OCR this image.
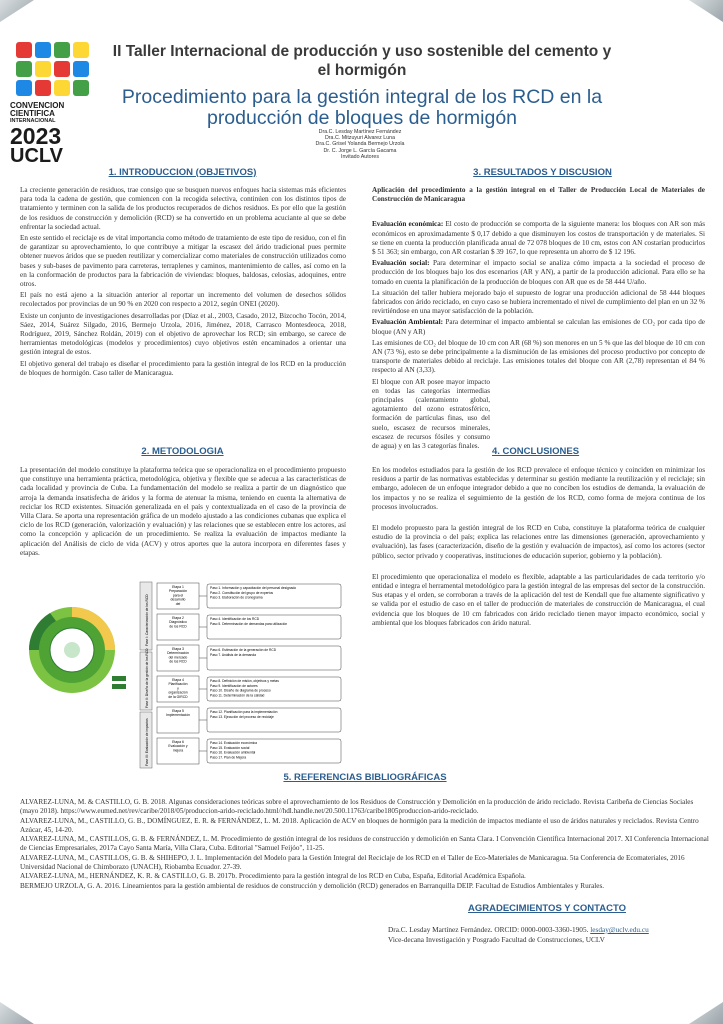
CONVENCION
CIENTIFICA
INTERNACIONAL
2023
UCLV
II Taller Internacional de producción y uso sostenible del cemento y el hormigón
Procedimiento para la gestión integral de los RCD en la producción de bloques de hormigón
Dra.C. Lesday Martínez Fernández
Dra.C. Mitzuyuri Alvarez Luna
Dra.C. Grisel Yolanda Bermejo Urzola
Dr. C. Jorge L. García Gacama
Invitado Autores
1. INTRODUCCION (OBJETIVOS)

La creciente generación de residuos, trae consigo que se busquen nuevos enfoques hacia sistemas más eficientes para toda la cadena de gestión, que comiencen con la recogida selectiva, continúen con los distintos tipos de tratamiento y terminen con la salida de los productos recuperados de dichos residuos. Es por ello que la gestión de los residuos de construcción y demolición (RCD) se ha convertido en un problema acuciante al que se debe enfrentar la sociedad actual.

En este sentido el reciclaje es de vital importancia como método de tratamiento de este tipo de residuo, con el fin de garantizar su aprovechamiento, lo que contribuye a mitigar la escasez del árido tradicional pues permite obtener nuevos áridos que se pueden reutilizar y comercializar como materiales de construcción utilizados como bases y sub-bases de pavimento para carreteras, terraplenes y caminos, mantenimiento de calles, así como en la en la conformación de productos para la fabricación de viviendas: bloques, baldosas, celosías, adoquines, entre otros.

El país no está ajeno a la situación anterior al reportar un incremento del volumen de desechos sólidos recolectados por provincias de un 90 % en 2020 con respecto a 2012, según ONEI (2020).

Existe un conjunto de investigaciones desarrolladas por (Díaz et al., 2003, Casado, 2012, Bizcocho Tocón, 2014, Sáez, 2014, Suárez Silgado, 2016, Bermejo Urzola, 2016, Jiménez, 2018, Carrasco Montesdeoca, 2018, Rodríguez, 2019, Sánchez Roldán, 2019) con el objetivo de aprovechar los RCD; sin embargo, se carece de herramientas metodológicas (modelos y procedimientos) cuyo objetivos estén encaminados a orientar una gestión integral de estos.

El objetivo general del trabajo es diseñar el procedimiento para la gestión integral de los RCD en la producción de bloques de hormigón. Caso taller de Manicaragua.

2. METODOLOGIA

La presentación del modelo constituye la plataforma teórica que se operacionaliza en el procedimiento propuesto que constituye una herramienta práctica, metodológica, objetiva y flexible que se adecua a las características de cada localidad y provincia de Cuba. La fundamentación del modelo se realiza a partir de un diagnóstico que arroja la demanda insatisfecha de áridos y la forma de atenuar la misma, teniendo en cuenta la alternativa de reciclar los RCD existentes. Situación generalizada en el país y contextualizada en el caso de la provincia de Villa Clara. Se aporta una representación gráfica de un modelo ajustado a las condiciones cubanas que explica el ciclo de los RCD (generación, valorización y evaluación) y las relaciones que se establecen entre los actores, así como la concepción y aplicación de un procedimiento. Se realiza la evaluación de impactos mediante la aplicación del Análisis de ciclo de vida (ACV) y otros aportes que la autora incorpora en diferentes fases y etapas.

Fase I: Caracterización de los RCD
Fase II: Diseño de la gestión de los RCD
Fase III: Evaluación de impactos
Etapa 1
Preparación
para el
desarrollo
del
Paso 1. Información y capacitación del personal designado
Paso 2. Constitución del grupo de expertos
Paso 3. Elaboración de cronograma
Etapa 2
Diagnóstico
de los RCD
Paso 4. Identificación de los RCD
Paso 5. Determinación de demandas para utilización
Etapa 3
Determinación
del mercado
de los RCD
Paso 6. Estimación de la generación de RCD
Paso 7. Análisis de la demanda
Etapa 4
Planificación
y
organización
de la GIRCD
Paso 8. Definición de misión, objetivos y metas
Paso 9. Identificación de actores
Paso 10. Diseño de diagrama de proceso
Paso 11. Determinación de la calidad
Etapa 5
Implementación
Paso 12. Planificación para la implementación
Paso 13. Ejecución del proceso de reciclaje
Etapa 6
Evaluación y
mejora
Paso 14. Evaluación económica
Paso 15. Evaluación social
Paso 16. Evaluación ambiental
Paso 17. Plan de Mejora
3. RESULTADOS Y DISCUSION

Aplicación del procedimiento a la gestión integral en el Taller de Producción Local de Materiales de Construcción de Manicaragua

Evaluación económica: El costo de producción se comporta de la siguiente manera: los bloques con AR son más económicos en aproximadamente $ 0,17 debido a que disminuyen los costos de transportación y de materiales. Si se tiene en cuenta la producción planificada anual de 72 078 bloques de 10 cm, estos con AN costarían producirlos $ 51 363; sin embargo, con AR costarían $ 39 167, lo que representa un ahorro de $ 12 196.

Evaluación social: Para determinar el impacto social se analiza cómo impacta a la sociedad el proceso de producción de los bloques bajo los dos escenarios (AR y AN), a partir de la producción adicional. Para ello se ha tomado en cuenta la planificación de la producción de bloques con AR que es de 58 444 U/año.

La situación del taller hubiera mejorado bajo el supuesto de lograr una producción adicional de 58 444 bloques fabricados con árido reciclado, en cuyo caso se hubiera incrementado el nivel de cumplimiento del plan en un 32 % revirtiéndose en una mayor satisfacción de la población.

Evaluación Ambiental: Para determinar el impacto ambiental se calculan las emisiones de CO₂ por cada tipo de bloque (AN y AR)

Las emisiones de CO₂ del bloque de 10 cm con AR (68 %) son menores en un 5 % que las del bloque de 10 cm con AN (73 %), esto se debe principalmente a la disminución de las emisiones del proceso productivo por concepto de transporte de materiales debido al reciclaje. Las emisiones totales del bloque con AR (2,78) representan el 84 % respecto al AN (3,33).

El bloque con AR posee mayor impacto en todas las categorías intermedias principales (calentamiento global, agotamiento del ozono estratosférico, formación de partículas finas, uso del suelo, escasez de recursos minerales, escasez de recursos fósiles y consumo de agua) y en las 3 categorías finales.	4. CONCLUSIONES

En los modelos estudiados para la gestión de los RCD prevalece el enfoque técnico y coinciden en minimizar los residuos a partir de las normativas establecidas y determinar su gestión mediante la reutilización y el reciclaje; sin embargo, adolecen de un enfoque integrador debido a que no conciben los estudios de demanda, la evaluación de los impactos y no se realiza el seguimiento de la gestión de los RCD, como forma de mejora continua de los procesos involucrados.

El modelo propuesto para la gestión integral de los RCD en Cuba, constituye la plataforma teórica de cualquier estudio de la provincia o del país; explica las relaciones entre las dimensiones (generación, aprovechamiento y evaluación), las fases (caracterización, diseño de la gestión y evaluación de impactos), así como los actores (sector público, sector privado y cooperativas, instituciones de educación superior, gobierno y la población).

El procedimiento que operacionaliza el modelo es flexible, adaptable a las particularidades de cada territorio y/o entidad e integra el herramental metodológico para la gestión integral de las empresas del sector de la construcción. Sus etapas y el orden, se corroboran a través de la aplicación del test de Kendall que fue altamente significativo y se valida por el estudio de caso en el taller de producción de materiales de construcción de Manicaragua, el cual evidencia que los bloques de 10 cm fabricados con árido reciclado tienen mayor impacto económico, social y ambiental que los bloques fabricados con árido natural.

5. REFERENCIAS BIBLIOGRÁFICAS

ALVAREZ-LUNA, M. & CASTILLO, G. B. 2018. Algunas consideraciones teóricas sobre el aprovechamiento de los Residuos de Construcción y Demolición en la producción de árido reciclado. Revista Caribeña de Ciencias Sociales (mayo 2018). https://www.eumed.net/rev/caribe/2018/05/produccion-arido-reciclado.html//hdl.handle.net/20.500.11763/caribe1805produccion-arido-reciclado.

ALVAREZ-LUNA, M., CASTILLO, G. B., DOMÍNGUEZ, E. R. & FERNÁNDEZ, L. M. 2018. Aplicación de ACV en bloques de hormigón para la medición de impactos mediante el uso de áridos naturales y reciclados. Revista Centro Azúcar, 45, 14-20.

ALVAREZ-LUNA, M., CASTILLOS, G. B. & FERNÁNDEZ, L. M. Procedimiento de gestión integral de los residuos de construcción y demolición en Santa Clara. I Convención Científica Internacional 2017. XI Conferencia Internacional de Ciencias Empresariales, 2017a Cayo Santa María, Villa Clara, Cuba. Editorial "Samuel Feijóo", 11-25.

ALVAREZ-LUNA, M., CASTILLOS, G. B. & SHIHEPO, J. L. Implementación del Modelo para la Gestión Integral del Reciclaje de los RCD en el Taller de Eco-Materiales de Manicaragua. 5ta Conferencia de Ecomateriales, 2016 Universidad Nacional de Chimborazo (UNACH), Riobamba Ecuador. 27-39.

ALVAREZ-LUNA, M., HERNÁNDEZ, K. R. & CASTILLO, G. B. 2017b. Procedimiento para la gestión integral de los RCD en Cuba, España, Editorial Académica Española.

BERMEJO URZOLA, G. A. 2016. Lineamientos para la gestión ambiental de residuos de construcción y demolición (RCD) generados en Barranquilla DEIP. Facultad de Estudios Ambientales y Rurales.

AGRADECIMIENTOS Y CONTACTO
Dra.C. Lesday Martínez Fernández. ORCID: 0000-0003-3360-1905. lesday@uclv.edu.cu
Vice-decana Investigación y Posgrado Facultad de Construcciones, UCLV
